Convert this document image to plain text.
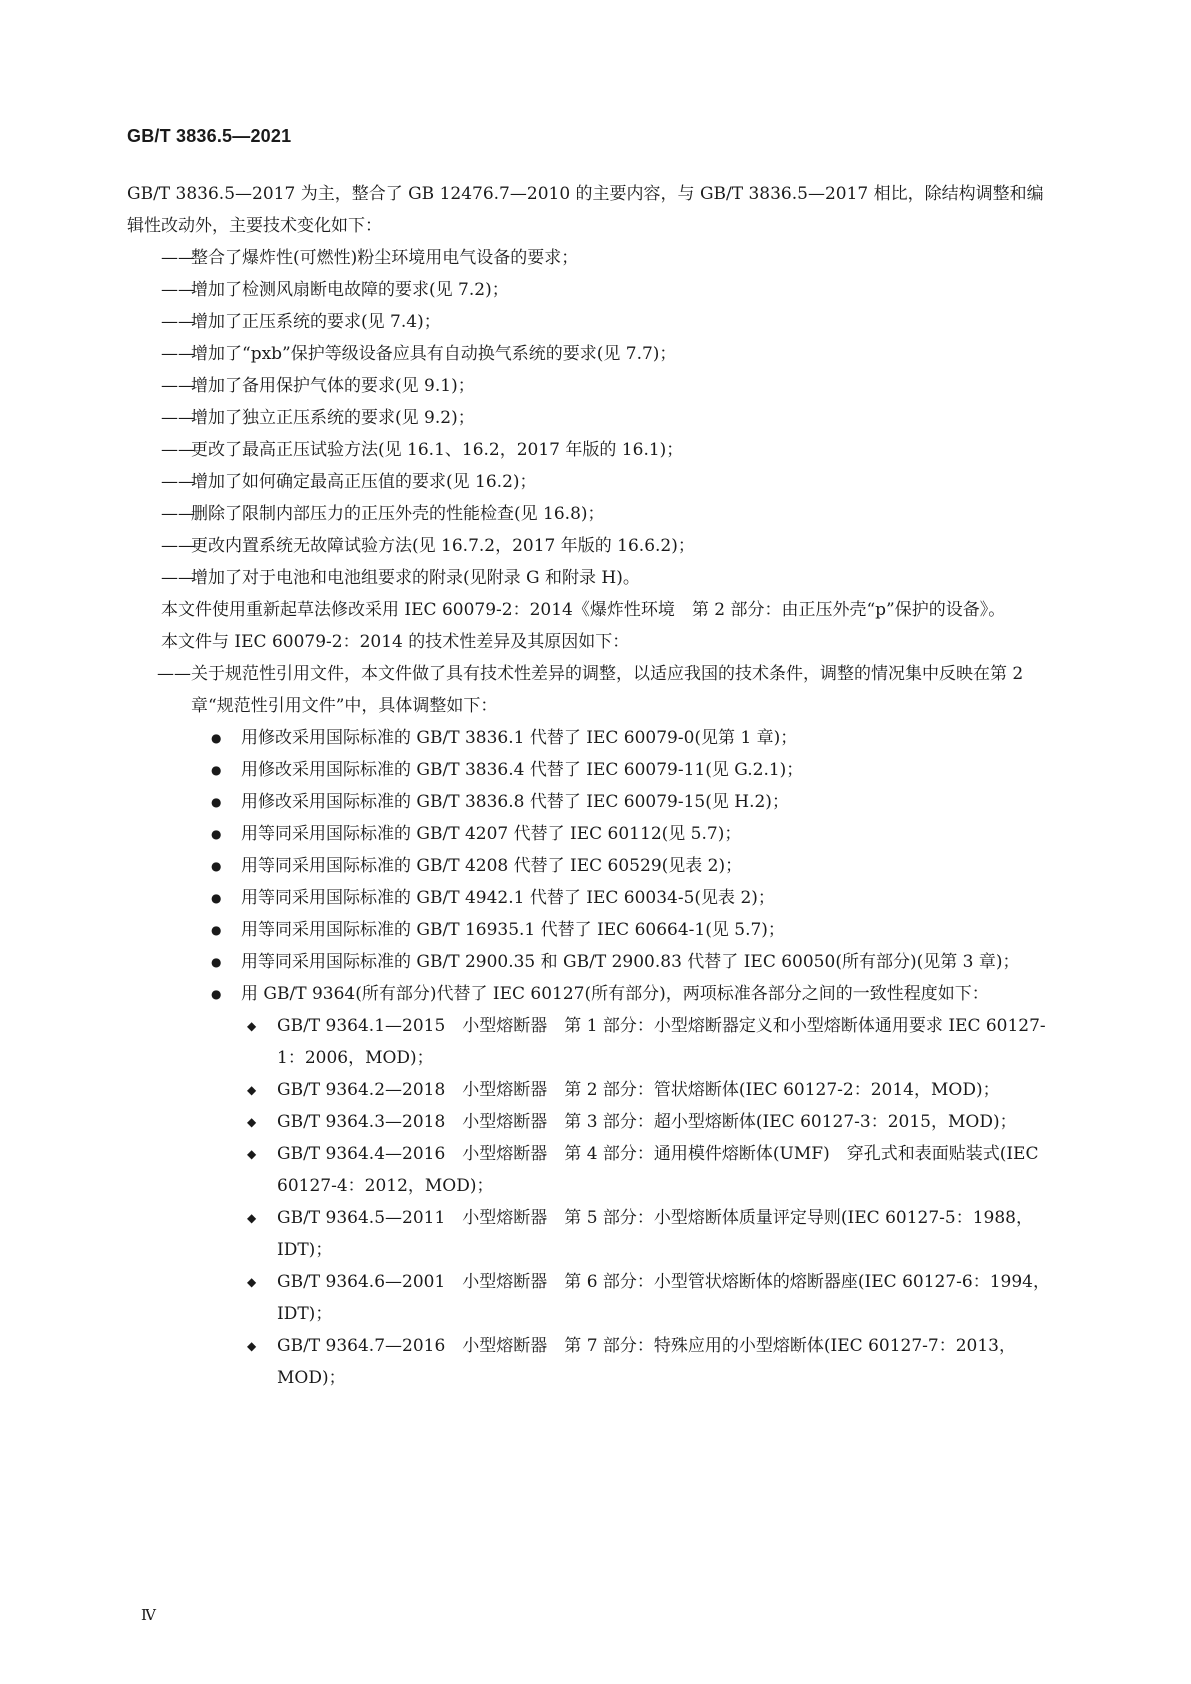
GB/T 3836.5—2021

GB/T 3836.5—2017 为主，整合了 GB 12476.7—2010 的主要内容，与 GB/T 3836.5—2017 相比，除结构调整和编辑性改动外，主要技术变化如下：

——
整合了爆炸性(可燃性)粉尘环境用电气设备的要求；

——
增加了检测风扇断电故障的要求(见 7.2)；

——
增加了正压系统的要求(见 7.4)；

——
增加了“pxb”保护等级设备应具有自动换气系统的要求(见 7.7)；

——
增加了备用保护气体的要求(见 9.1)；

——
增加了独立正压系统的要求(见 9.2)；

——
更改了最高正压试验方法(见 16.1、16.2，2017 年版的 16.1)；

——
增加了如何确定最高正压值的要求(见 16.2)；

——
删除了限制内部压力的正压外壳的性能检查(见 16.8)；

——
更改内置系统无故障试验方法(见 16.7.2，2017 年版的 16.6.2)；

——
增加了对于电池和电池组要求的附录(见附录 G 和附录 H)。

本文件使用重新起草法修改采用 IEC 60079-2：2014《爆炸性环境　第 2 部分：由正压外壳“p”保护的设备》。

本文件与 IEC 60079-2：2014 的技术性差异及其原因如下：

—— 关于规范性引用文件，本文件做了具有技术性差异的调整，以适应我国的技术条件，调整的情况集中反映在第 2 章“规范性引用文件”中，具体调整如下：

● 用修改采用国际标准的 GB/T 3836.1 代替了 IEC 60079-0(见第 1 章)；

● 用修改采用国际标准的 GB/T 3836.4 代替了 IEC 60079-11(见 G.2.1)；

● 用修改采用国际标准的 GB/T 3836.8 代替了 IEC 60079-15(见 H.2)；

● 用等同采用国际标准的 GB/T 4207 代替了 IEC 60112(见 5.7)；

● 用等同采用国际标准的 GB/T 4208 代替了 IEC 60529(见表 2)；

● 用等同采用国际标准的 GB/T 4942.1 代替了 IEC 60034-5(见表 2)；

● 用等同采用国际标准的 GB/T 16935.1 代替了 IEC 60664-1(见 5.7)；

● 用等同采用国际标准的 GB/T 2900.35 和 GB/T 2900.83 代替了 IEC 60050(所有部分)(见第 3 章)；

● 用 GB/T 9364(所有部分)代替了 IEC 60127(所有部分)，两项标准各部分之间的一致性程度如下：

◆ GB/T 9364.1—2015　小型熔断器　第 1 部分：小型熔断器定义和小型熔断体通用要求 IEC 60127-1：2006，MOD)；

◆ GB/T 9364.2—2018　小型熔断器　第 2 部分：管状熔断体(IEC 60127-2：2014，MOD)；

◆ GB/T 9364.3—2018　小型熔断器　第 3 部分：超小型熔断体(IEC 60127-3：2015，MOD)；

◆ GB/T 9364.4—2016　小型熔断器　第 4 部分：通用模件熔断体(UMF)　穿孔式和表面贴装式(IEC 60127-4：2012，MOD)；

◆ GB/T 9364.5—2011　小型熔断器　第 5 部分：小型熔断体质量评定导则(IEC 60127-5：1988，IDT)；

◆ GB/T 9364.6—2001　小型熔断器　第 6 部分：小型管状熔断体的熔断器座(IEC 60127-6：1994，IDT)；

◆ GB/T 9364.7—2016　小型熔断器　第 7 部分：特殊应用的小型熔断体(IEC 60127-7：2013，MOD)；

Ⅳ
